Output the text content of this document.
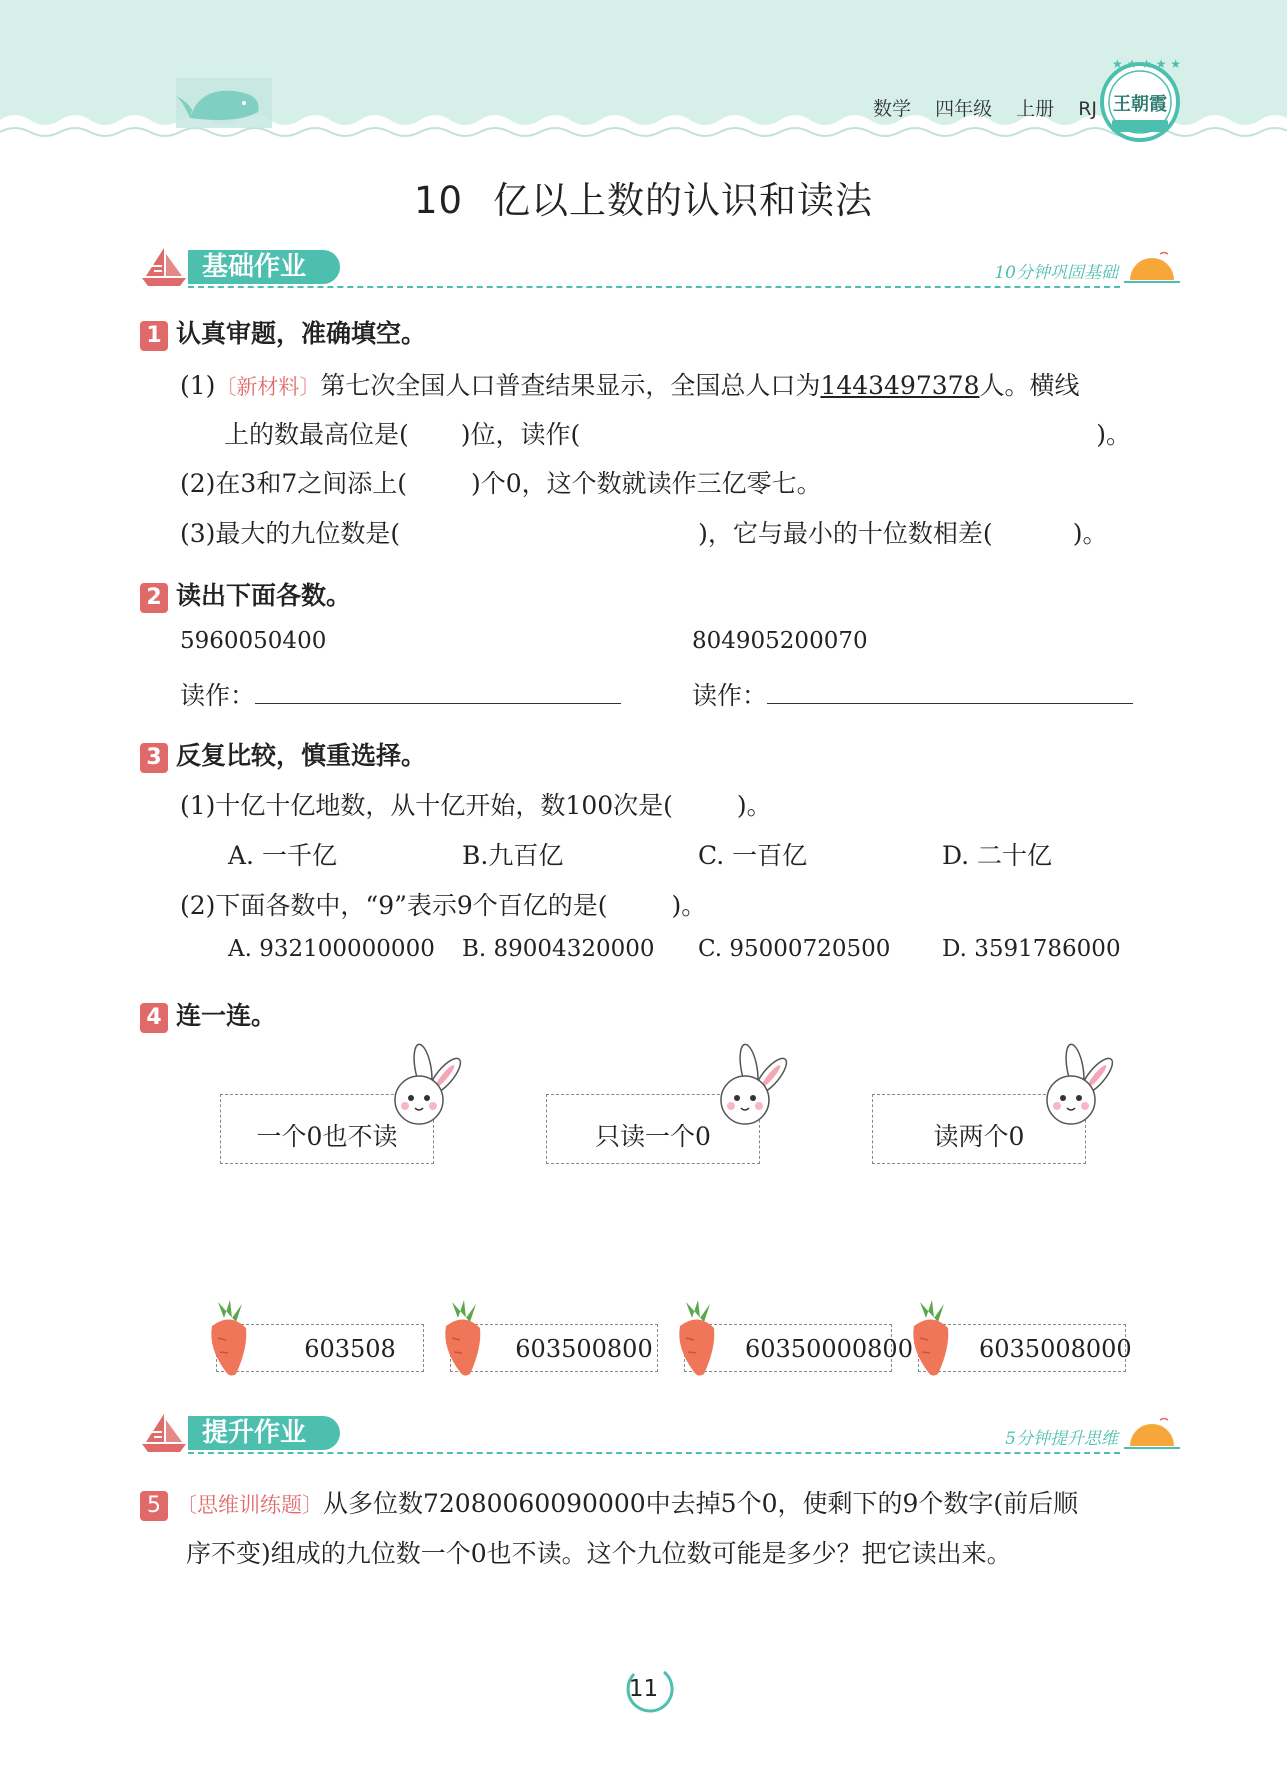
数学 四年级 上册 RJ
★ ★ ★ ★ ★
王朝霞
10 亿以上数的认识和读法
基础作业	10分钟巩固基础
1 认真审题，准确填空。
(1)〔新材料〕第七次全国人口普查结果显示，全国总人口为1443497378人。横线
上的数最高位是( )位，读作(	)。
(2)在3和7之间添上(	)个0，这个数就读作三亿零七。
(3)最大的九位数是(	)，它与最小的十位数相差(	)。
2 读出下面各数。
5960050400	804905200070
读作：	读作：
3 反复比较，慎重选择。
(1)十亿十亿地数，从十亿开始，数100次是(	)。
A. 一千亿	B.九百亿	C. 一百亿	D. 二十亿
(2)下面各数中，“9”表示9个百亿的是(	)。
A. 932100000000 B. 89004320000 C. 95000720500 D. 3591786000
4 连一连。
一个0也不读	只读一个0	读两个0
603508	603500800	60350000800	6035008000
提升作业	5分钟提升思维
5 〔思维训练题〕从多位数72080060090000中去掉5个0，使剩下的9个数字(前后顺
序不变)组成的九位数一个0也不读。这个九位数可能是多少？把它读出来。
11
